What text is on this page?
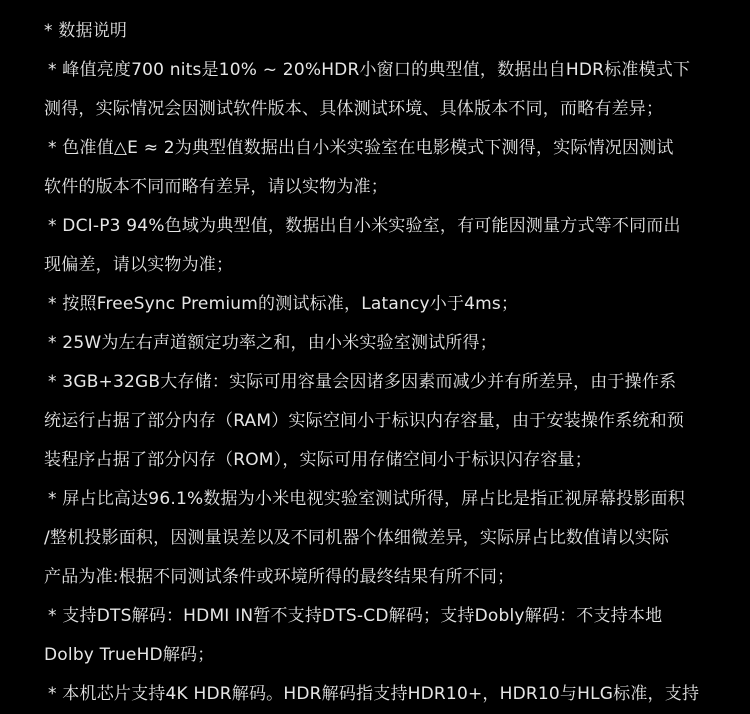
* 数据说明
* 峰值亮度700 nits是10% ~ 20%HDR小窗口的典型值，数据出自HDR标准模式下
测得，实际情况会因测试软件版本、具体测试环境、具体版本不同，而略有差异；
* 色准值△E ≈ 2为典型值数据出自小米实验室在电影模式下测得，实际情况因测试
软件的版本不同而略有差异，请以实物为准；
* DCI-P3 94%色域为典型值，数据出自小米实验室，有可能因测量方式等不同而出
现偏差，请以实物为准；
* 按照FreeSync Premium的测试标准，Latancy小于4ms；
* 25W为左右声道额定功率之和，由小米实验室测试所得；
* 3GB+32GB大存储：实际可用容量会因诸多因素而减少并有所差异，由于操作系
统运行占据了部分内存（RAM）实际空间小于标识内存容量，由于安装操作系统和预
装程序占据了部分闪存（ROM），实际可用存储空间小于标识闪存容量；
* 屏占比高达96.1%数据为小米电视实验室测试所得，屏占比是指正视屏幕投影面积
/整机投影面积，因测量误差以及不同机器个体细微差异，实际屏占比数值请以实际
产品为准:根据不同测试条件或环境所得的最终结果有所不同；
* 支持DTS解码：HDMI IN暂不支持DTS-CD解码；支持Dobly解码：不支持本地
Dolby TrueHD解码；
* 本机芯片支持4K HDR解码。HDR解码指支持HDR10+，HDR10与HLG标准，支持
